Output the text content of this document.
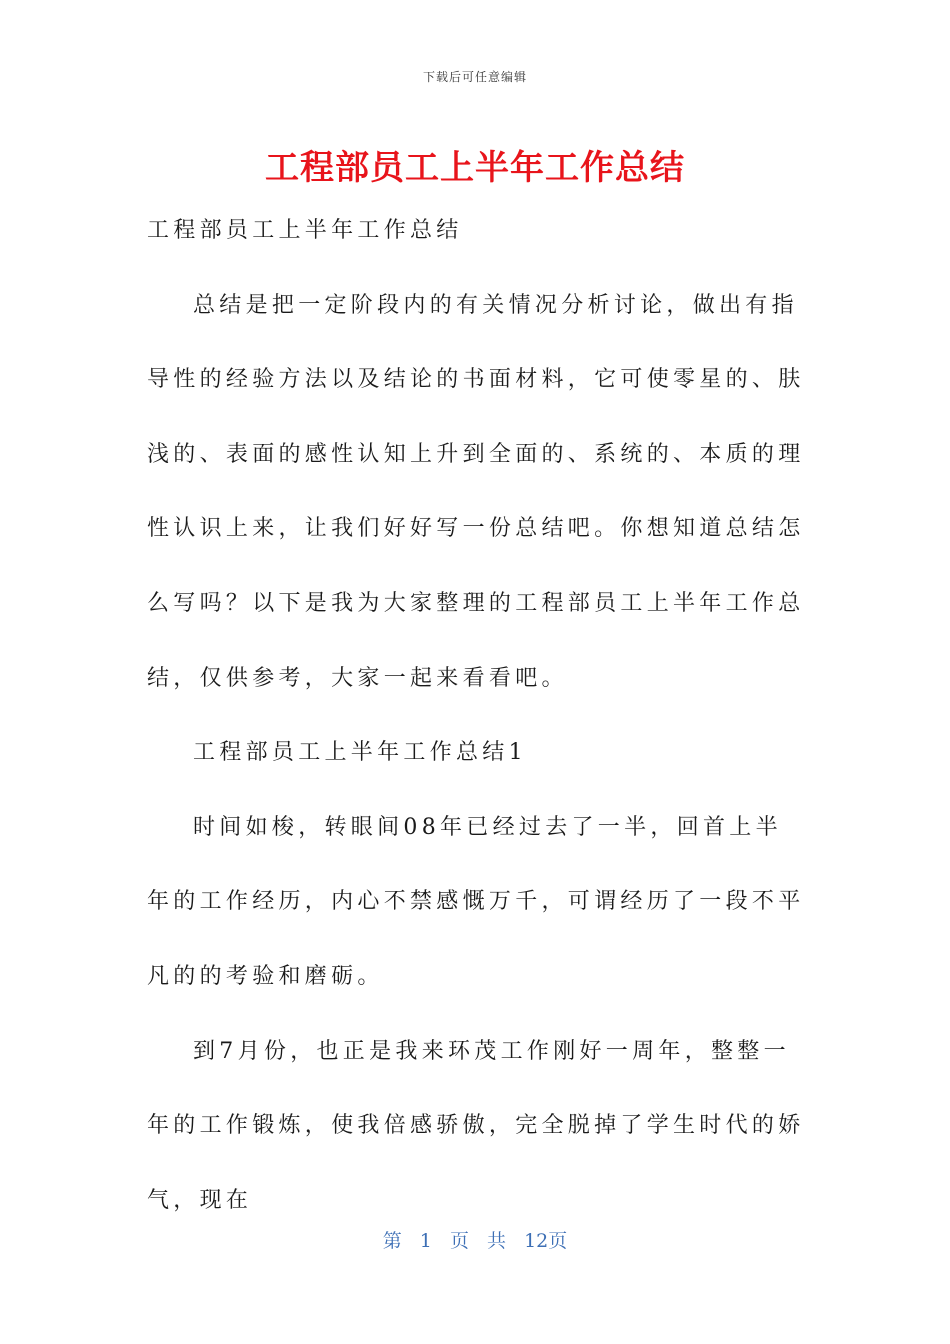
下载后可任意编辑
工程部员工上半年工作总结

工程部员工上半年工作总结

总结是把一定阶段内的有关情况分析讨论，做出有指导性的经验方法以及结论的书面材料，它可使零星的、肤浅的、表面的感性认知上升到全面的、系统的、本质的理性认识上来，让我们好好写一份总结吧。你想知道总结怎么写吗？以下是我为大家整理的工程部员工上半年工作总结，仅供参考，大家一起来看看吧。

工程部员工上半年工作总结1

时间如梭，转眼间08年已经过去了一半，回首上半年的工作经历，内心不禁感慨万千，可谓经历了一段不平凡的的考验和磨砺。

到7月份，也正是我来环茂工作刚好一周年，整整一年的工作锻炼，使我倍感骄傲，完全脱掉了学生时代的娇气，现在

第 1 页 共 12页
